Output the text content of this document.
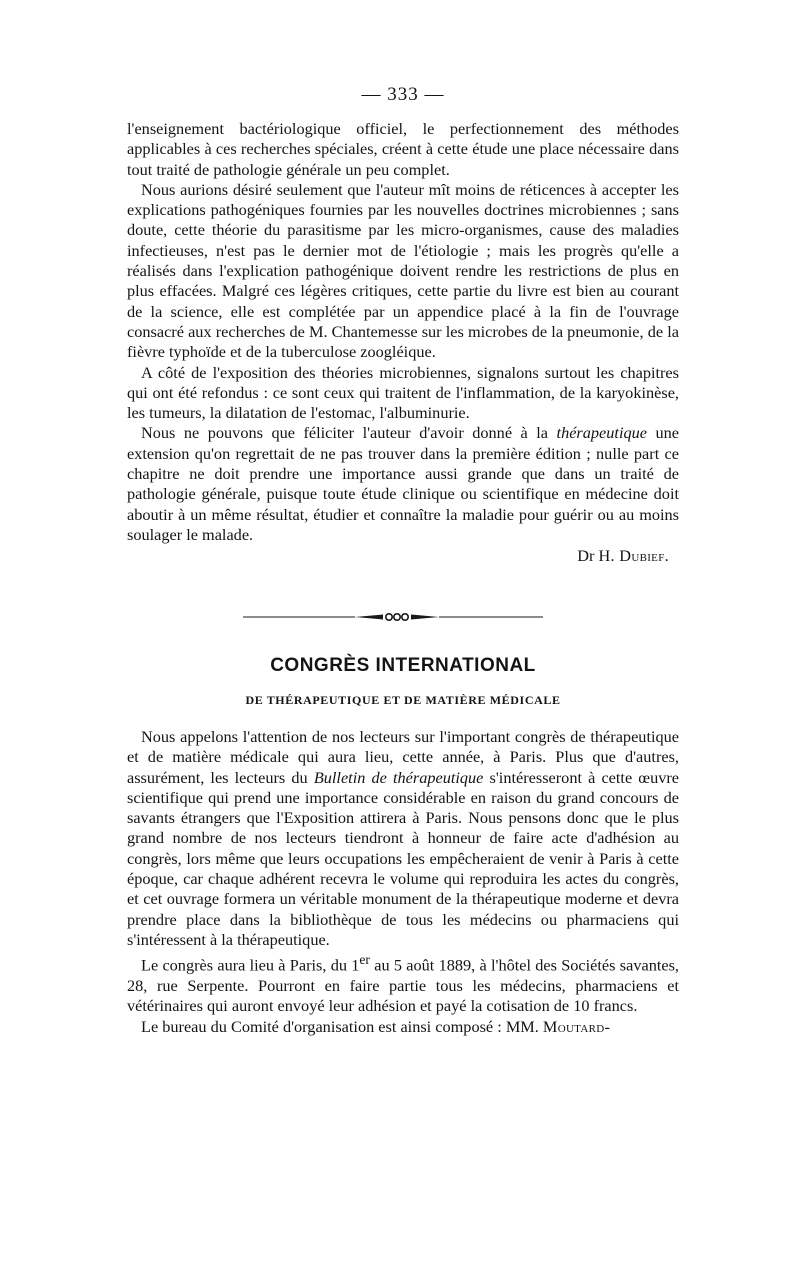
— 333 —

l'enseignement bactériologique officiel, le perfectionnement des méthodes applicables à ces recherches spéciales, créent à cette étude une place nécessaire dans tout traité de pathologie générale un peu complet.

Nous aurions désiré seulement que l'auteur mît moins de réticences à accepter les explications pathogéniques fournies par les nouvelles doctrines microbiennes ; sans doute, cette théorie du parasitisme par les micro-organismes, cause des maladies infectieuses, n'est pas le dernier mot de l'étiologie ; mais les progrès qu'elle a réalisés dans l'explication pathogénique doivent rendre les restrictions de plus en plus effacées. Malgré ces légères critiques, cette partie du livre est bien au courant de la science, elle est complétée par un appendice placé à la fin de l'ouvrage consacré aux recherches de M. Chantemesse sur les microbes de la pneumonie, de la fièvre typhoïde et de la tuberculose zoogléique.

A côté de l'exposition des théories microbiennes, signalons surtout les chapitres qui ont été refondus : ce sont ceux qui traitent de l'inflammation, de la karyokinèse, les tumeurs, la dilatation de l'estomac, l'albuminurie.

Nous ne pouvons que féliciter l'auteur d'avoir donné à la thérapeutique une extension qu'on regrettait de ne pas trouver dans la première édition ; nulle part ce chapitre ne doit prendre une importance aussi grande que dans un traité de pathologie générale, puisque toute étude clinique ou scientifique en médecine doit aboutir à un même résultat, étudier et connaître la maladie pour guérir ou au moins soulager le malade.

Dr H. Dubief.

CONGRÈS INTERNATIONAL
DE THÉRAPEUTIQUE ET DE MATIÈRE MÉDICALE

Nous appelons l'attention de nos lecteurs sur l'important congrès de thérapeutique et de matière médicale qui aura lieu, cette année, à Paris. Plus que d'autres, assurément, les lecteurs du Bulletin de thérapeutique s'intéresseront à cette œuvre scientifique qui prend une importance considérable en raison du grand concours de savants étrangers que l'Exposition attirera à Paris. Nous pensons donc que le plus grand nombre de nos lecteurs tiendront à honneur de faire acte d'adhésion au congrès, lors même que leurs occupations les empêcheraient de venir à Paris à cette époque, car chaque adhérent recevra le volume qui reproduira les actes du congrès, et cet ouvrage formera un véritable monument de la thérapeutique moderne et devra prendre place dans la bibliothèque de tous les médecins ou pharmaciens qui s'intéressent à la thérapeutique.

Le congrès aura lieu à Paris, du 1er au 5 août 1889, à l'hôtel des Sociétés savantes, 28, rue Serpente. Pourront en faire partie tous les médecins, pharmaciens et vétérinaires qui auront envoyé leur adhésion et payé la cotisation de 10 francs.

Le bureau du Comité d'organisation est ainsi composé : MM. Moutard-
